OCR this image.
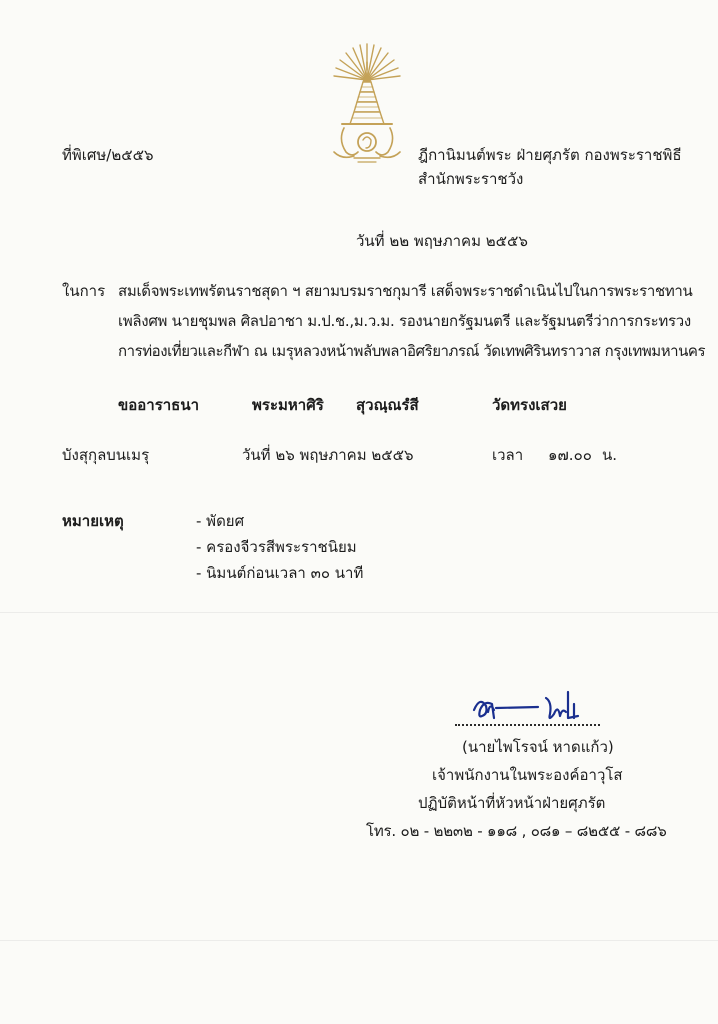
ที่พิเศษ/๒๕๕๖	ฎีกานิมนต์พระ ฝ่ายศุภรัต กองพระราชพิธี
สำนักพระราชวัง
วันที่ ๒๒ พฤษภาคม ๒๕๕๖
ในการ สมเด็จพระเทพรัตนราชสุดา ฯ สยามบรมราชกุมารี เสด็จพระราชดำเนินไปในการพระราชทาน
เพลิงศพ นายชุมพล ศิลปอาชา ม.ป.ช.,ม.ว.ม. รองนายกรัฐมนตรี และรัฐมนตรีว่าการกระทรวง
การท่องเที่ยวและกีฬา ณ เมรุหลวงหน้าพลับพลาอิศริยาภรณ์ วัดเทพศิรินทราวาส กรุงเทพมหานคร
ขออาราธนา	พระมหาศิริ สุวณฺณรํสี	วัดทรงเสวย
บังสุกุลบนเมรุ	วันที่ ๒๖ พฤษภาคม ๒๕๕๖	เวลา ๑๗.๐๐ น.
หมายเหตุ	- พัดยศ
- ครองจีวรสีพระราชนิยม
- นิมนต์ก่อนเวลา ๓๐ นาที
(นายไพโรจน์ หาดแก้ว)
เจ้าพนักงานในพระองค์อาวุโส
ปฏิบัติหน้าที่หัวหน้าฝ่ายศุภรัต
โทร. ๐๒ - ๒๒๓๒ - ๑๑๘ , ๐๘๑ – ๘๒๕๕ - ๘๘๖
